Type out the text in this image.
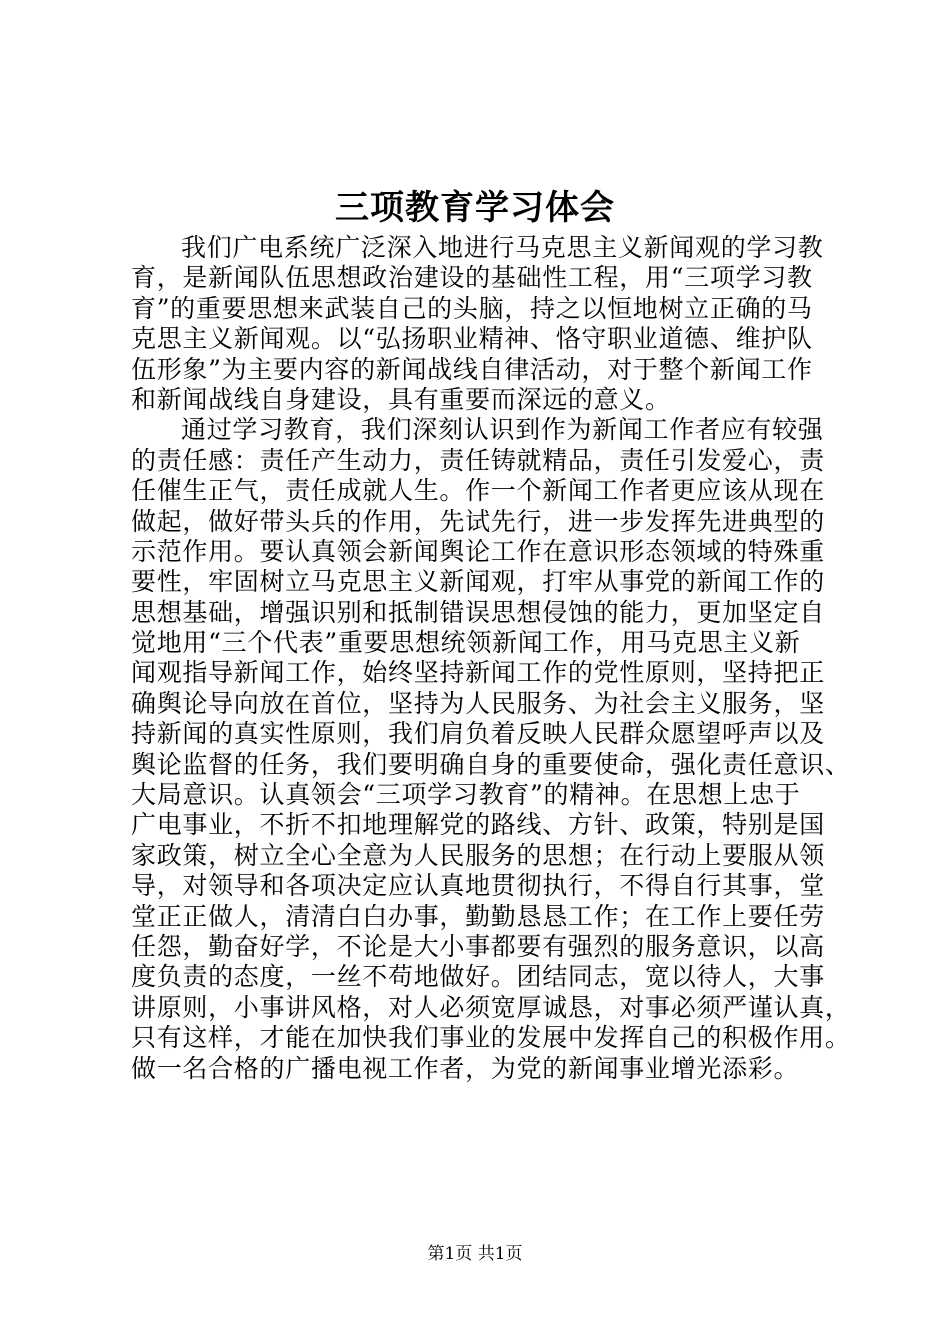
三项教育学习体会
我们广电系统广泛深入地进行马克思主义新闻观的学习教
育，是新闻队伍思想政治建设的基础性工程，用“三项学习教
育”的重要思想来武装自己的头脑，持之以恒地树立正确的马
克思主义新闻观。以“弘扬职业精神、恪守职业道德、维护队
伍形象”为主要内容的新闻战线自律活动，对于整个新闻工作
和新闻战线自身建设，具有重要而深远的意义。
通过学习教育，我们深刻认识到作为新闻工作者应有较强
的责任感：责任产生动力，责任铸就精品，责任引发爱心，责
任催生正气，责任成就人生。作一个新闻工作者更应该从现在
做起，做好带头兵的作用，先试先行，进一步发挥先进典型的
示范作用。要认真领会新闻舆论工作在意识形态领域的特殊重
要性，牢固树立马克思主义新闻观，打牢从事党的新闻工作的
思想基础，增强识别和抵制错误思想侵蚀的能力，更加坚定自
觉地用“三个代表”重要思想统领新闻工作，用马克思主义新
闻观指导新闻工作，始终坚持新闻工作的党性原则，坚持把正
确舆论导向放在首位，坚持为人民服务、为社会主义服务，坚
持新闻的真实性原则，我们肩负着反映人民群众愿望呼声以及
舆论监督的任务，我们要明确自身的重要使命，强化责任意识、
大局意识。认真领会“三项学习教育”的精神。在思想上忠于
广电事业，不折不扣地理解党的路线、方针、政策，特别是国
家政策，树立全心全意为人民服务的思想；在行动上要服从领
导，对领导和各项决定应认真地贯彻执行，不得自行其事，堂
堂正正做人，清清白白办事，勤勤恳恳工作；在工作上要任劳
任怨，勤奋好学，不论是大小事都要有强烈的服务意识，以高
度负责的态度，一丝不苟地做好。团结同志，宽以待人，大事
讲原则，小事讲风格，对人必须宽厚诚恳，对事必须严谨认真，
只有这样，才能在加快我们事业的发展中发挥自己的积极作用。
做一名合格的广播电视工作者，为党的新闻事业增光添彩。
第1页 共1页
